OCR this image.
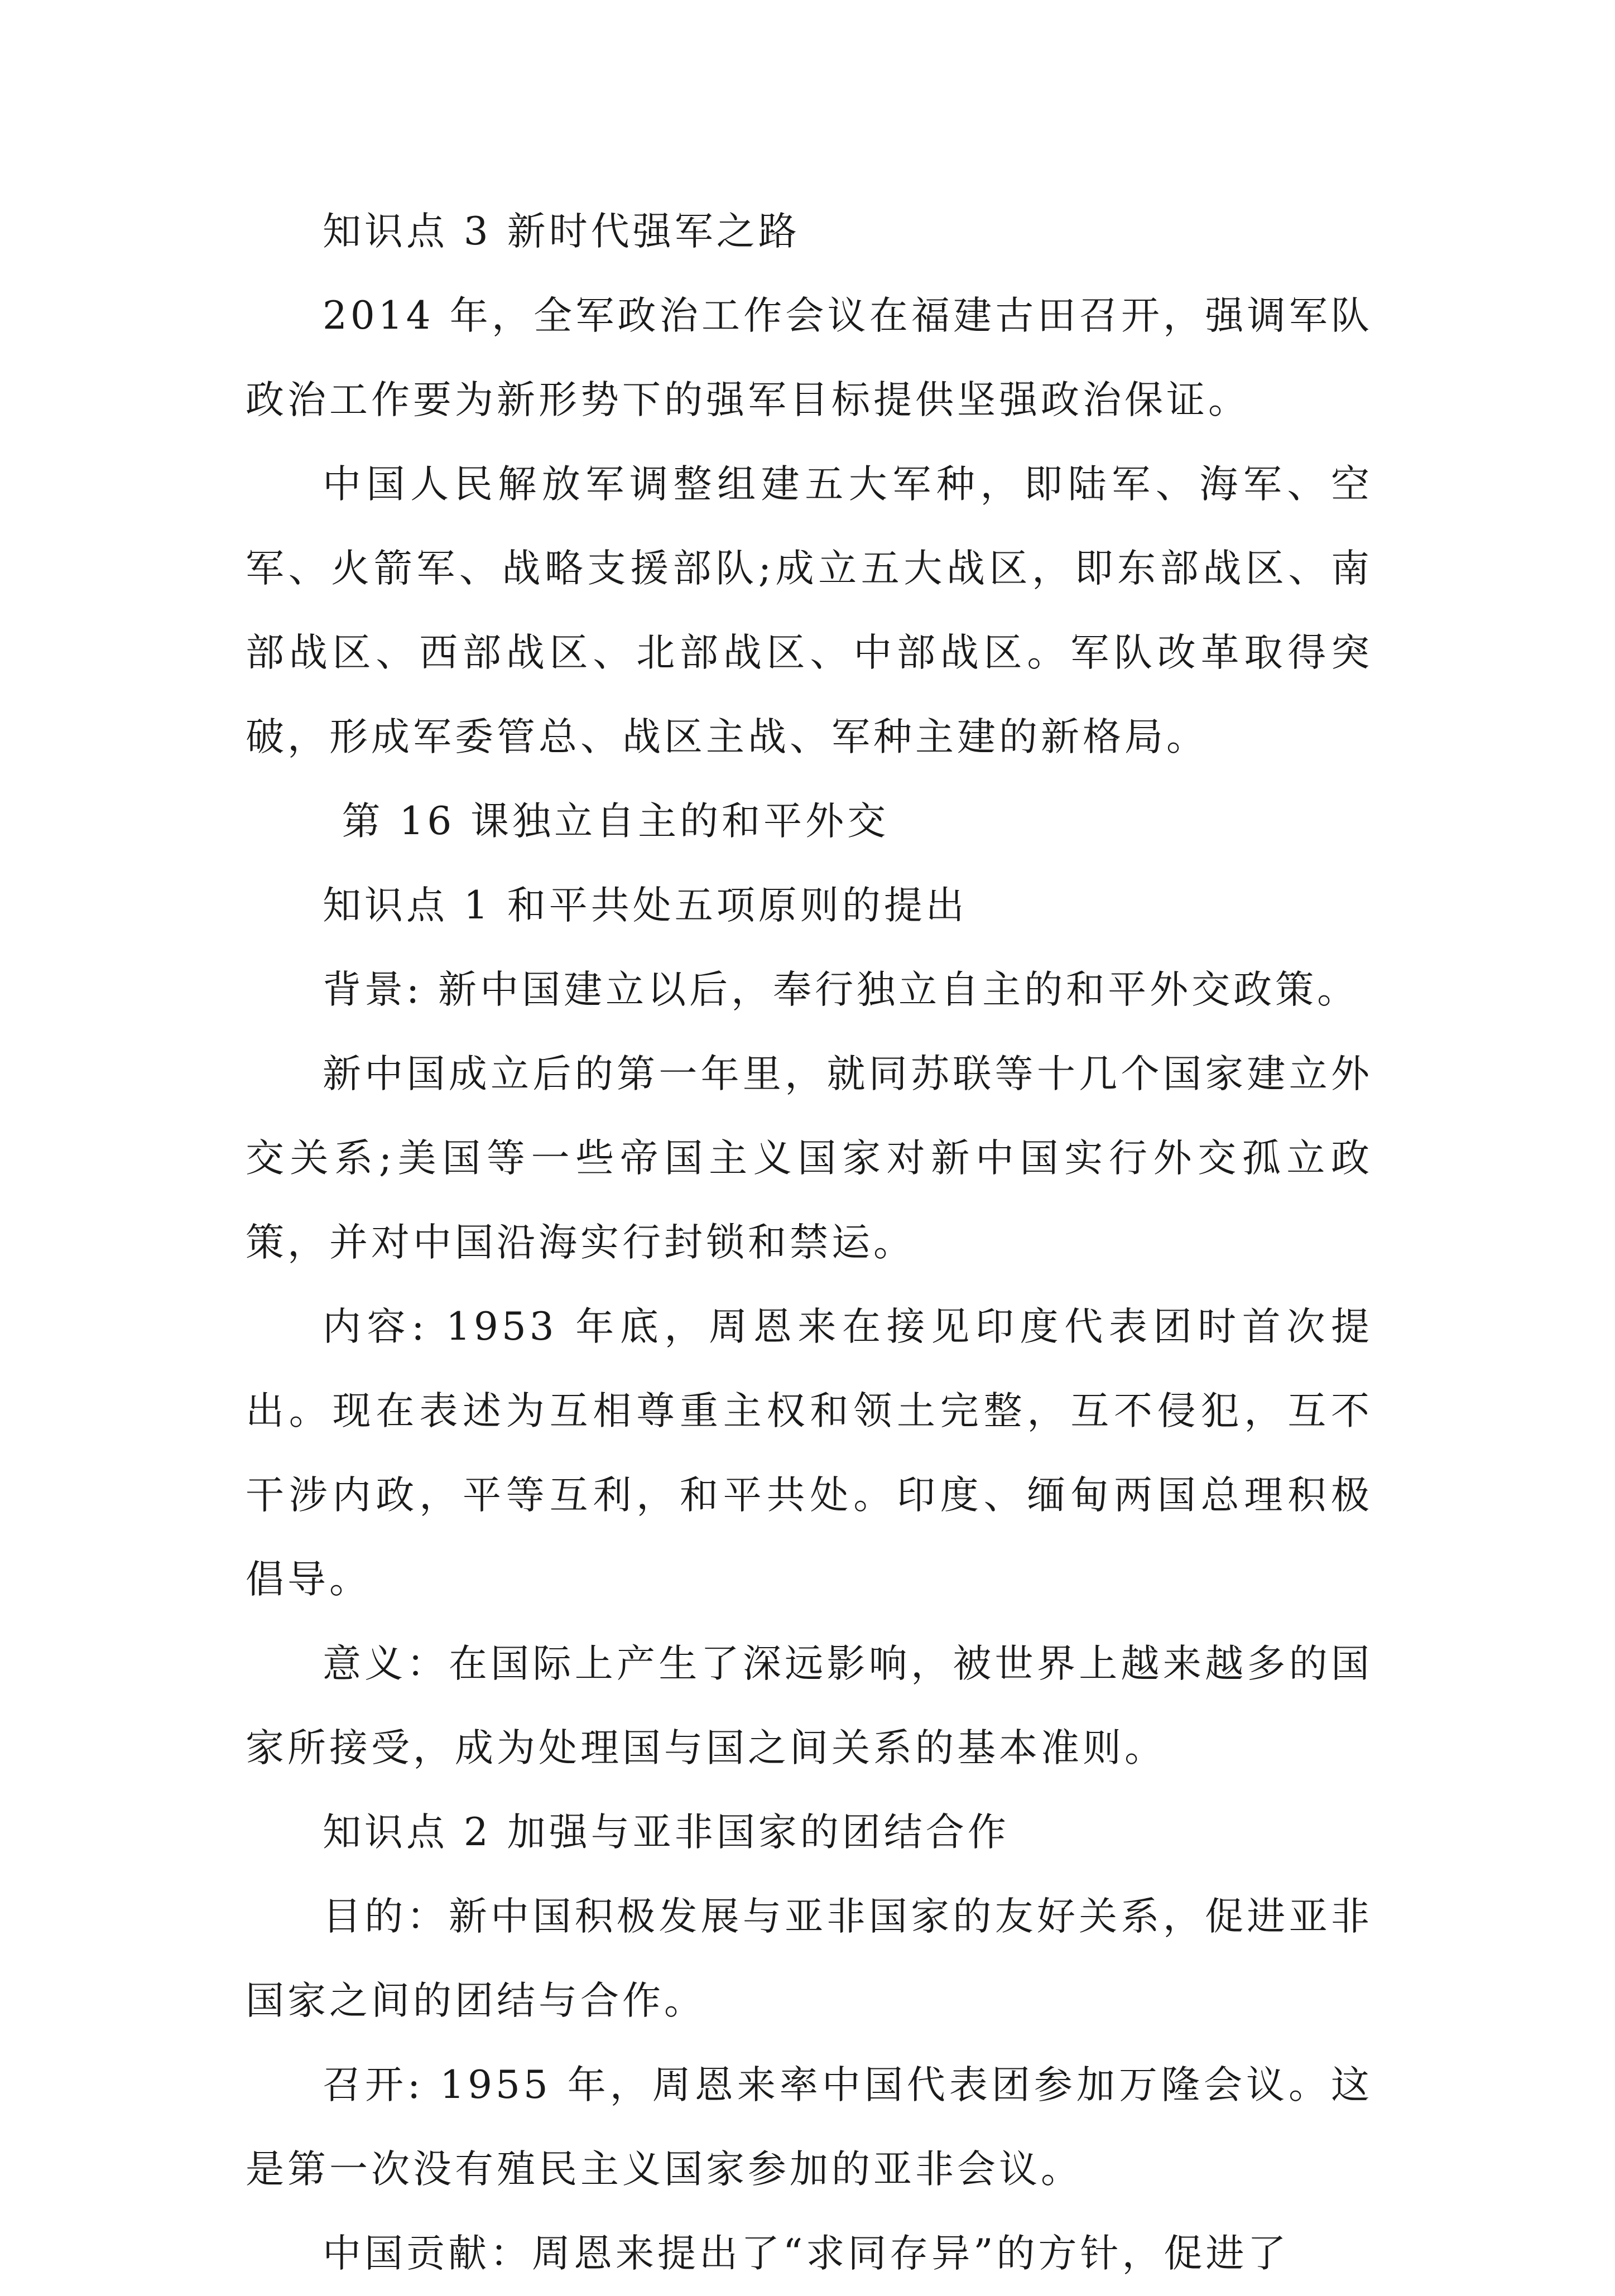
知识点 3 新时代强军之路

2014 年，全军政治工作会议在福建古田召开，强调军队政治工作要为新形势下的强军目标提供坚强政治保证。

中国人民解放军调整组建五大军种，即陆军、海军、空军、火箭军、战略支援部队;成立五大战区，即东部战区、南部战区、西部战区、北部战区、中部战区。军队改革取得突破，形成军委管总、战区主战、军种主建的新格局。

第 16 课独立自主的和平外交

知识点 1 和平共处五项原则的提出

背景: 新中国建立以后，奉行独立自主的和平外交政策。

新中国成立后的第一年里，就同苏联等十几个国家建立外交关系;美国等一些帝国主义国家对新中国实行外交孤立政策，并对中国沿海实行封锁和禁运。

内容: 1953 年底，周恩来在接见印度代表团时首次提出。现在表述为互相尊重主权和领土完整，互不侵犯，互不干涉内政，平等互利，和平共处。印度、缅甸两国总理积极倡导。

意义：在国际上产生了深远影响，被世界上越来越多的国家所接受，成为处理国与国之间关系的基本准则。

知识点 2 加强与亚非国家的团结合作

目的：新中国积极发展与亚非国家的友好关系，促进亚非国家之间的团结与合作。

召开: 1955 年，周恩来率中国代表团参加万隆会议。这是第一次没有殖民主义国家参加的亚非会议。

中国贡献：周恩来提出了“求同存异”的方针，促进了
